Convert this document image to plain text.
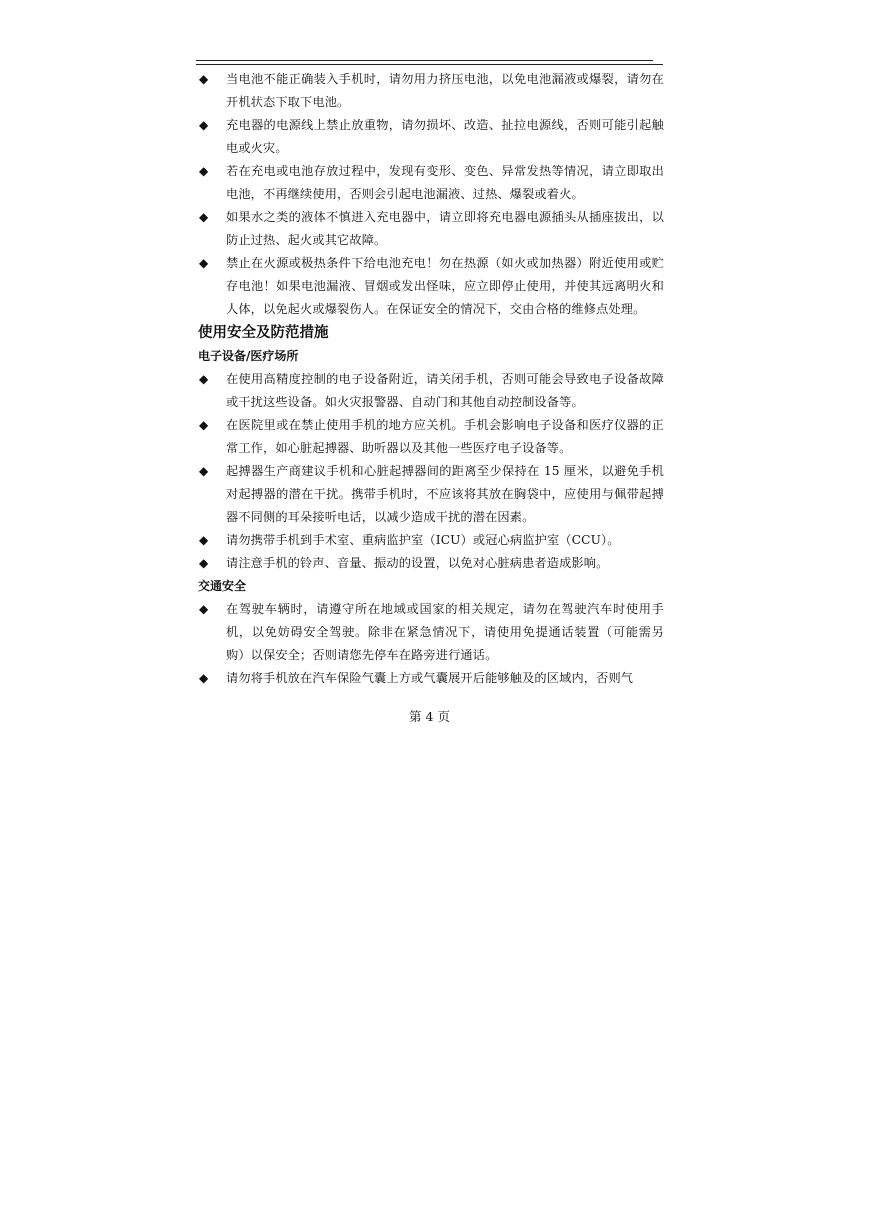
◆ 当电池不能正确装入手机时，请勿用力挤压电池，以免电池漏液或爆裂，请勿在开机状态下取下电池。
◆ 充电器的电源线上禁止放重物，请勿损坏、改造、扯拉电源线，否则可能引起触电或火灾。
◆ 若在充电或电池存放过程中，发现有变形、变色、异常发热等情况，请立即取出电池，不再继续使用，否则会引起电池漏液、过热、爆裂或着火。
◆ 如果水之类的液体不慎进入充电器中，请立即将充电器电源插头从插座拔出，以防止过热、起火或其它故障。
◆ 禁止在火源或极热条件下给电池充电！勿在热源（如火或加热器）附近使用或贮存电池！如果电池漏液、冒烟或发出怪味，应立即停止使用，并使其远离明火和人体，以免起火或爆裂伤人。在保证安全的情况下，交由合格的维修点处理。
使用安全及防范措施
电子设备/医疗场所
◆ 在使用高精度控制的电子设备附近，请关闭手机，否则可能会导致电子设备故障或干扰这些设备。如火灾报警器、自动门和其他自动控制设备等。
◆ 在医院里或在禁止使用手机的地方应关机。手机会影响电子设备和医疗仪器的正常工作，如心脏起搏器、助听器以及其他一些医疗电子设备等。
◆ 起搏器生产商建议手机和心脏起搏器间的距离至少保持在 15 厘米，以避免手机对起搏器的潜在干扰。携带手机时，不应该将其放在胸袋中，应使用与佩带起搏器不同侧的耳朵接听电话，以减少造成干扰的潜在因素。
◆ 请勿携带手机到手术室、重病监护室（ICU）或冠心病监护室（CCU）。
◆ 请注意手机的铃声、音量、振动的设置，以免对心脏病患者造成影响。
交通安全
◆ 在驾驶车辆时，请遵守所在地域或国家的相关规定，请勿在驾驶汽车时使用手机，以免妨碍安全驾驶。除非在紧急情况下，请使用免提通话装置（可能需另购）以保安全；否则请您先停车在路旁进行通话。
◆ 请勿将手机放在汽车保险气囊上方或气囊展开后能够触及的区域内，否则气
第 4 页
